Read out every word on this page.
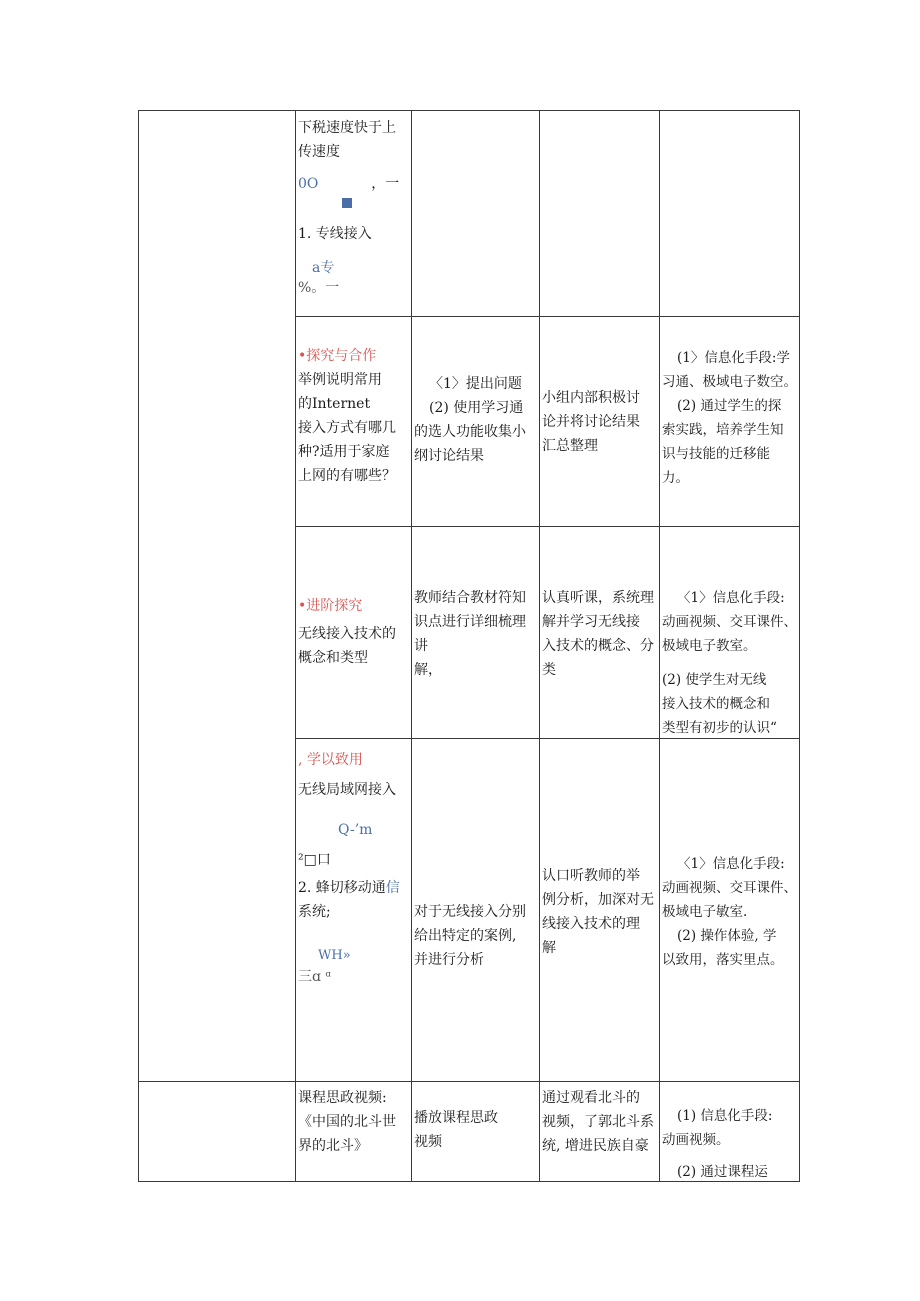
下税速度快于上

传速度

0O	，一

1. 专线接入

a专

%。一

•探究与合作

举例说明常用

的Internet

接入方式有哪几

种?适用于家庭

上网的有哪些？

〈1〉提出问题

(2) 使用学习通

的选人功能收集小

纲讨论结果

小组内部积极讨

论并将讨论结果

汇总整理

(1〉信息化手段:学

习通、极域电子数空。

(2) 通过学生的探

索实践，培养学生知

识与技能的迁移能

力。

•进阶探究

无线接入技术的

概念和类型

教师结合教材符知

识点进行详细梳理

讲

解，

认真听课，系统理

解并学习无线接

入技术的概念、分

类

〈1〉信息化手段:

动画视频、交耳课件、

极域电子教室。

(2) 使学生对无线

接入技术的概念和

类型有初步的认识“

, 学以致用

无线局域网接入

Q-’m

²□口

2. 蜂切移动通信

系统;

WH»

三ɑ ᵅ

对于无线接入分别

给出特定的案例,

并进行分析

认口听教师的举

例分析，加深对无

线接入技术的理

解

〈1〉信息化手段:

动画视频、交耳课件、

极域电子敏室.

(2) 操作体验, 学

以致用，落实里点。

课程思政视频:

《中国的北斗世

界的北斗》

播放课程思政

视频

通过观看北斗的

视频，了郭北斗系

统, 增进民族自豪

(1) 信息化手段:

动画视频。

(2) 通过课程运
